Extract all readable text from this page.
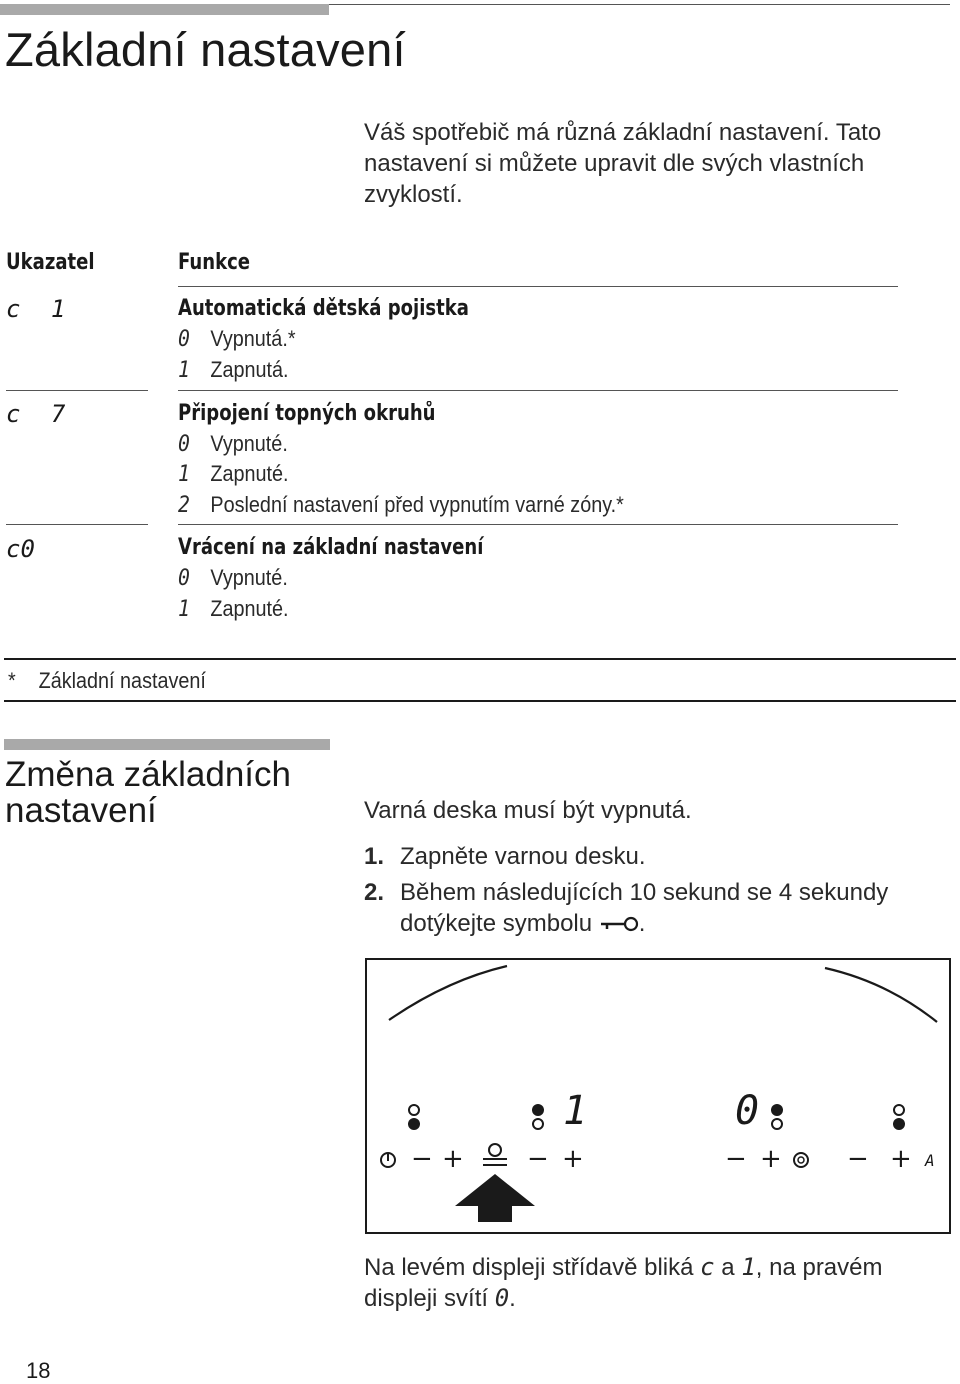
Základní nastavení
Váš spotřebič má různá základní nastavení. Tato nastavení si můžete upravit dle svých vlastních zvyklostí.
Ukazatel	Funkce
c 1	Automatická dětská pojistka
0 Vypnutá.*
1 Zapnutá.
c 7	Připojení topných okruhů
0 Vypnuté.
1 Zapnuté.
2 Poslední nastavení před vypnutím varné zóny.*
c0	Vrácení na základní nastavení
0 Vypnuté.
1 Zapnuté.
* Základní nastavení
Změna základních nastavení	Varná deska musí být vypnutá.
1. Zapněte varnou desku.
2. Během následujících 10 sekund se 4 sekundy dotýkejte symbolu .
A
1	0
− + − +	− +	− +
Na levém displeji střídavě bliká c a 1, na pravém displeji svítí 0.
18
